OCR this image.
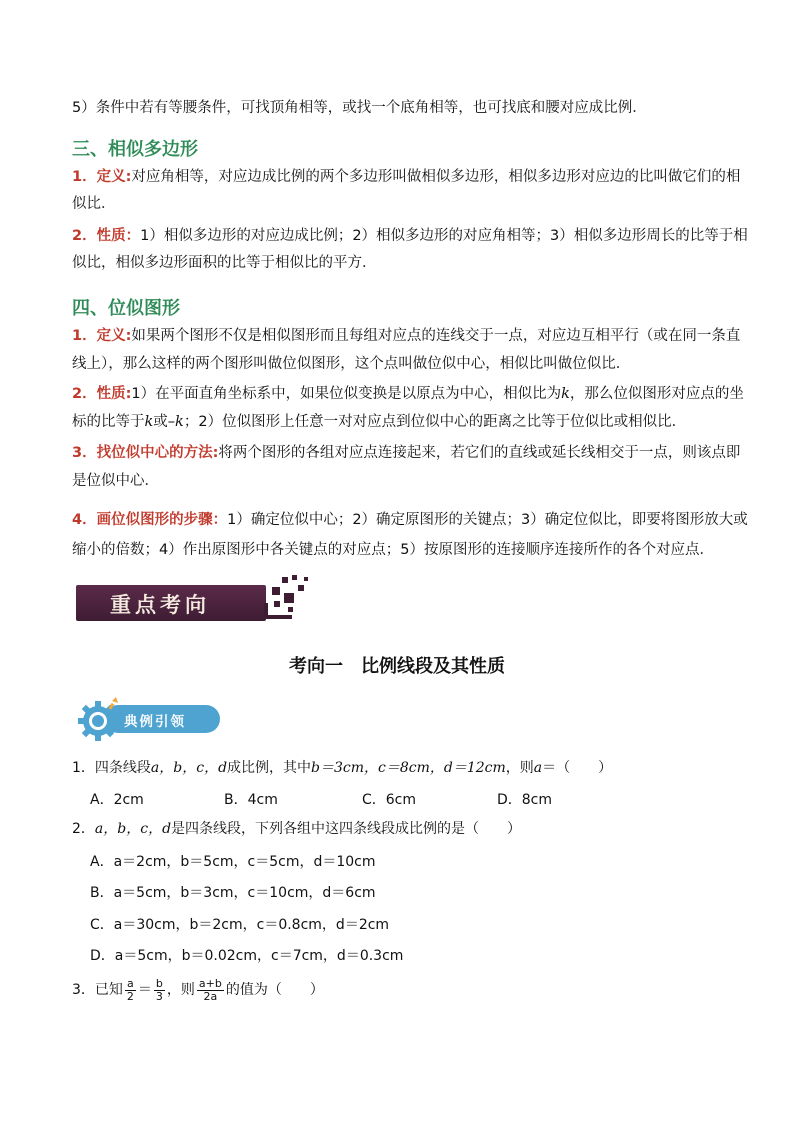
5）条件中若有等腰条件，可找顶角相等，或找一个底角相等，也可找底和腰对应成比例．
三、相似多边形
1．定义:对应角相等，对应边成比例的两个多边形叫做相似多边形，相似多边形对应边的比叫做它们的相
似比．
2．性质：1）相似多边形的对应边成比例；2）相似多边形的对应角相等；3）相似多边形周长的比等于相
似比，相似多边形面积的比等于相似比的平方．
四、位似图形
1．定义:如果两个图形不仅是相似图形而且每组对应点的连线交于一点，对应边互相平行（或在同一条直
线上），那么这样的两个图形叫做位似图形，这个点叫做位似中心，相似比叫做位似比．
2．性质:1）在平面直角坐标系中，如果位似变换是以原点为中心，相似比为k，那么位似图形对应点的坐
标的比等于k或–k；2）位似图形上任意一对对应点到位似中心的距离之比等于位似比或相似比．
3．找位似中心的方法:将两个图形的各组对应点连接起来，若它们的直线或延长线相交于一点，则该点即
是位似中心．
4．画位似图形的步骤：1）确定位似中心；2）确定原图形的关键点；3）确定位似比，即要将图形放大或
缩小的倍数；4）作出原图形中各关键点的对应点；5）按原图形的连接顺序连接所作的各个对应点．
重点考向
考向一　比例线段及其性质
典例引领
1．四条线段a，b，c，d成比例，其中b＝3cm，c＝8cm，d＝12cm，则a＝（　　）
A．2cm	B．4cm	C．6cm	D．8cm
2．a，b，c，d是四条线段，下列各组中这四条线段成比例的是（　　）
A．a＝2cm，b＝5cm，c＝5cm，d＝10cm
B．a＝5cm，b＝3cm，c＝10cm，d＝6cm
C．a＝30cm，b＝2cm，c＝0.8cm，d＝2cm
D．a＝5cm，b＝0.02cm，c＝7cm，d＝0.3cm
3．已知 $\frac{a}{2} = \frac{b}{3}$ ，则 $\frac{a+b}{2a}$ 的值为（　　）
